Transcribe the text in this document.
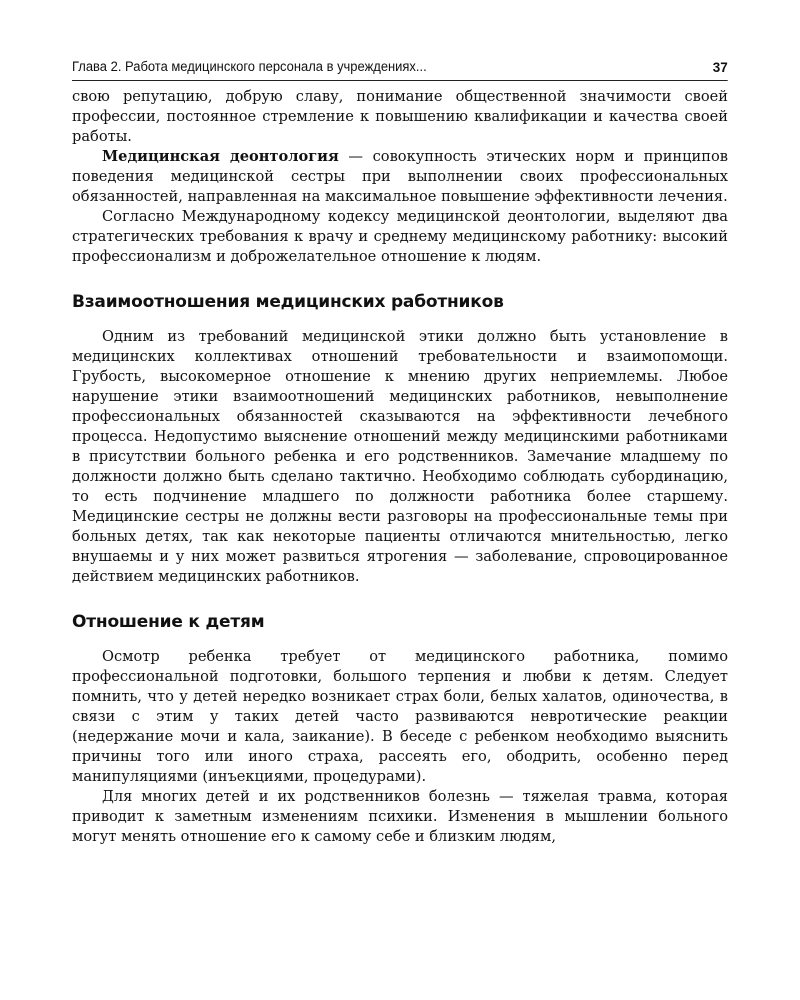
Глава 2. Работа медицинского персонала в учреждениях...	37

свою репутацию, добрую славу, понимание общественной значимости своей профессии, постоянное стремление к повышению квалификации и качества своей работы.

Медицинская деонтология — совокупность этических норм и принципов поведения медицинской сестры при выполнении своих профессиональных обязанностей, направленная на максимальное повышение эффективности лечения.

Согласно Международному кодексу медицинской деонтологии, выделяют два стратегических требования к врачу и среднему медицинскому работнику: высокий профессионализм и доброжелательное отношение к людям.

Взаимоотношения медицинских работников

Одним из требований медицинской этики должно быть установление в медицинских коллективах отношений требовательности и взаимопомощи. Грубость, высокомерное отношение к мнению других неприемлемы. Любое нарушение этики взаимоотношений медицинских работников, невыполнение профессиональных обязанностей сказываются на эффективности лечебного процесса. Недопустимо выяснение отношений между медицинскими работниками в присутствии больного ребенка и его родственников. Замечание младшему по должности должно быть сделано тактично. Необходимо соблюдать субординацию, то есть подчинение младшего по должности работника более старшему. Медицинские сестры не должны вести разговоры на профессиональные темы при больных детях, так как некоторые пациенты отличаются мнительностью, легко внушаемы и у них может развиться ятрогения — заболевание, спровоцированное действием медицинских работников.

Отношение к детям

Осмотр ребенка требует от медицинского работника, помимо профессиональной подготовки, большого терпения и любви к детям. Следует помнить, что у детей нередко возникает страх боли, белых халатов, одиночества, в связи с этим у таких детей часто развиваются невротические реакции (недержание мочи и кала, заикание). В беседе с ребенком необходимо выяснить причины того или иного страха, рассеять его, ободрить, особенно перед манипуляциями (инъекциями, процедурами).

Для многих детей и их родственников болезнь — тяжелая травма, которая приводит к заметным изменениям психики. Изменения в мышлении больного могут менять отношение его к самому себе и близким людям,
